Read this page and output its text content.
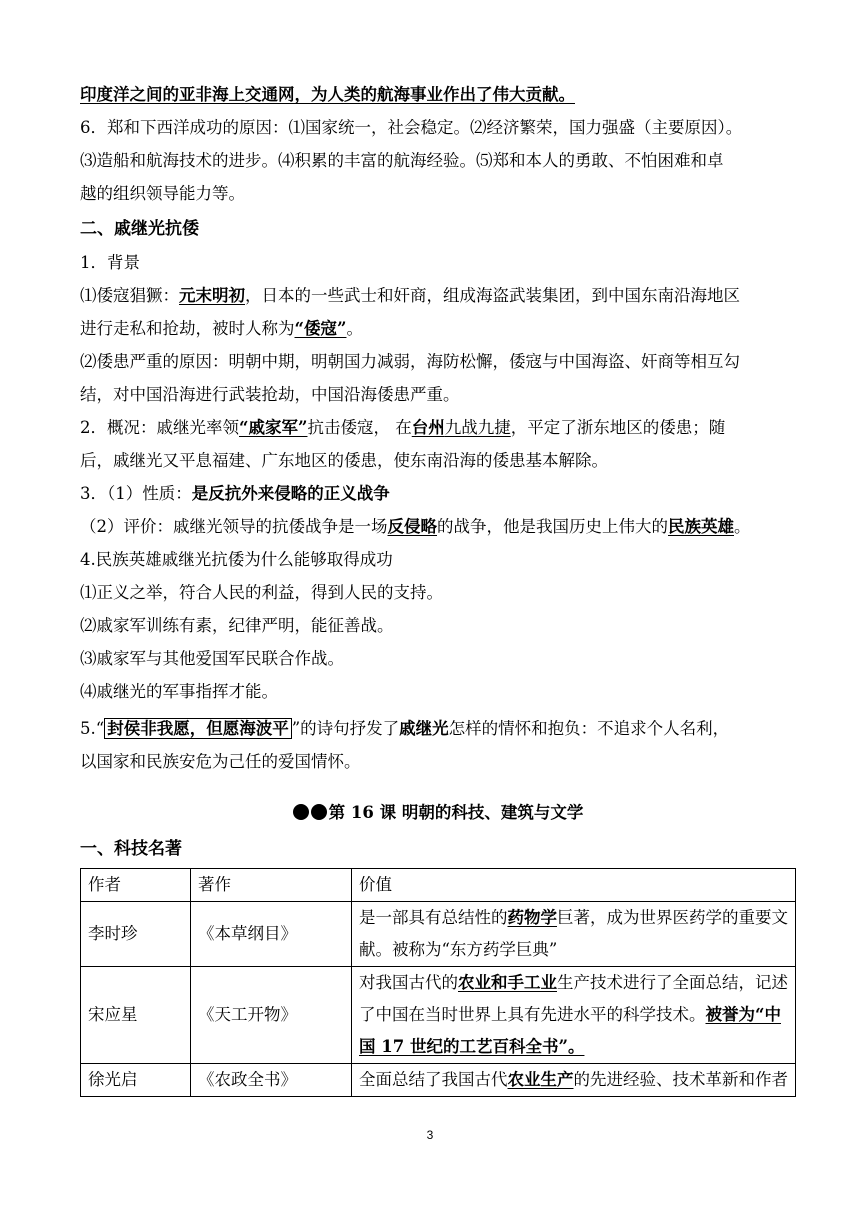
印度洋之间的亚非海上交通网，为人类的航海事业作出了伟大贡献。
6．郑和下西洋成功的原因：⑴国家统一，社会稳定。⑵经济繁荣，国力强盛（主要原因）。
⑶造船和航海技术的进步。⑷积累的丰富的航海经验。⑸郑和本人的勇敢、不怕困难和卓
越的组织领导能力等。
二、戚继光抗倭
1．背景
⑴倭寇猖獗：元末明初，日本的一些武士和奸商，组成海盗武装集团，到中国东南沿海地区
进行走私和抢劫，被时人称为“倭寇”。
⑵倭患严重的原因：明朝中期，明朝国力减弱，海防松懈，倭寇与中国海盗、奸商等相互勾
结，对中国沿海进行武装抢劫，中国沿海倭患严重。
2．概况：戚继光率领“戚家军”抗击倭寇， 在台州九战九捷，平定了浙东地区的倭患；随
后，戚继光又平息福建、广东地区的倭患，使东南沿海的倭患基本解除。
3．（1）性质：是反抗外来侵略的正义战争
（2）评价：戚继光领导的抗倭战争是一场反侵略的战争，他是我国历史上伟大的民族英雄。
4.民族英雄戚继光抗倭为什么能够取得成功
⑴正义之举，符合人民的利益，得到人民的支持。
⑵戚家军训练有素，纪律严明，能征善战。
⑶戚家军与其他爱国军民联合作战。
⑷戚继光的军事指挥才能。
5.“ 封侯非我愿，但愿海波平 ”的诗句抒发了戚继光怎样的情怀和抱负：不追求个人名利，
以国家和民族安危为己任的爱国情怀。
第 16 课 明朝的科技、建筑与文学
一、科技名著
作者	著作	价值
李时珍	《本草纲目》	是一部具有总结性的药物学巨著，成为世界医药学的重要文
献。被称为“东方药学巨典”

宋应星	《天工开物》	对我国古代的农业和手工业生产技术进行了全面总结，记述
了中国在当时世界上具有先进水平的科学技术。被誉为“中
国 17 世纪的工艺百科全书”。

徐光启	《农政全书》	全面总结了我国古代农业生产的先进经验、技术革新和作者
3
